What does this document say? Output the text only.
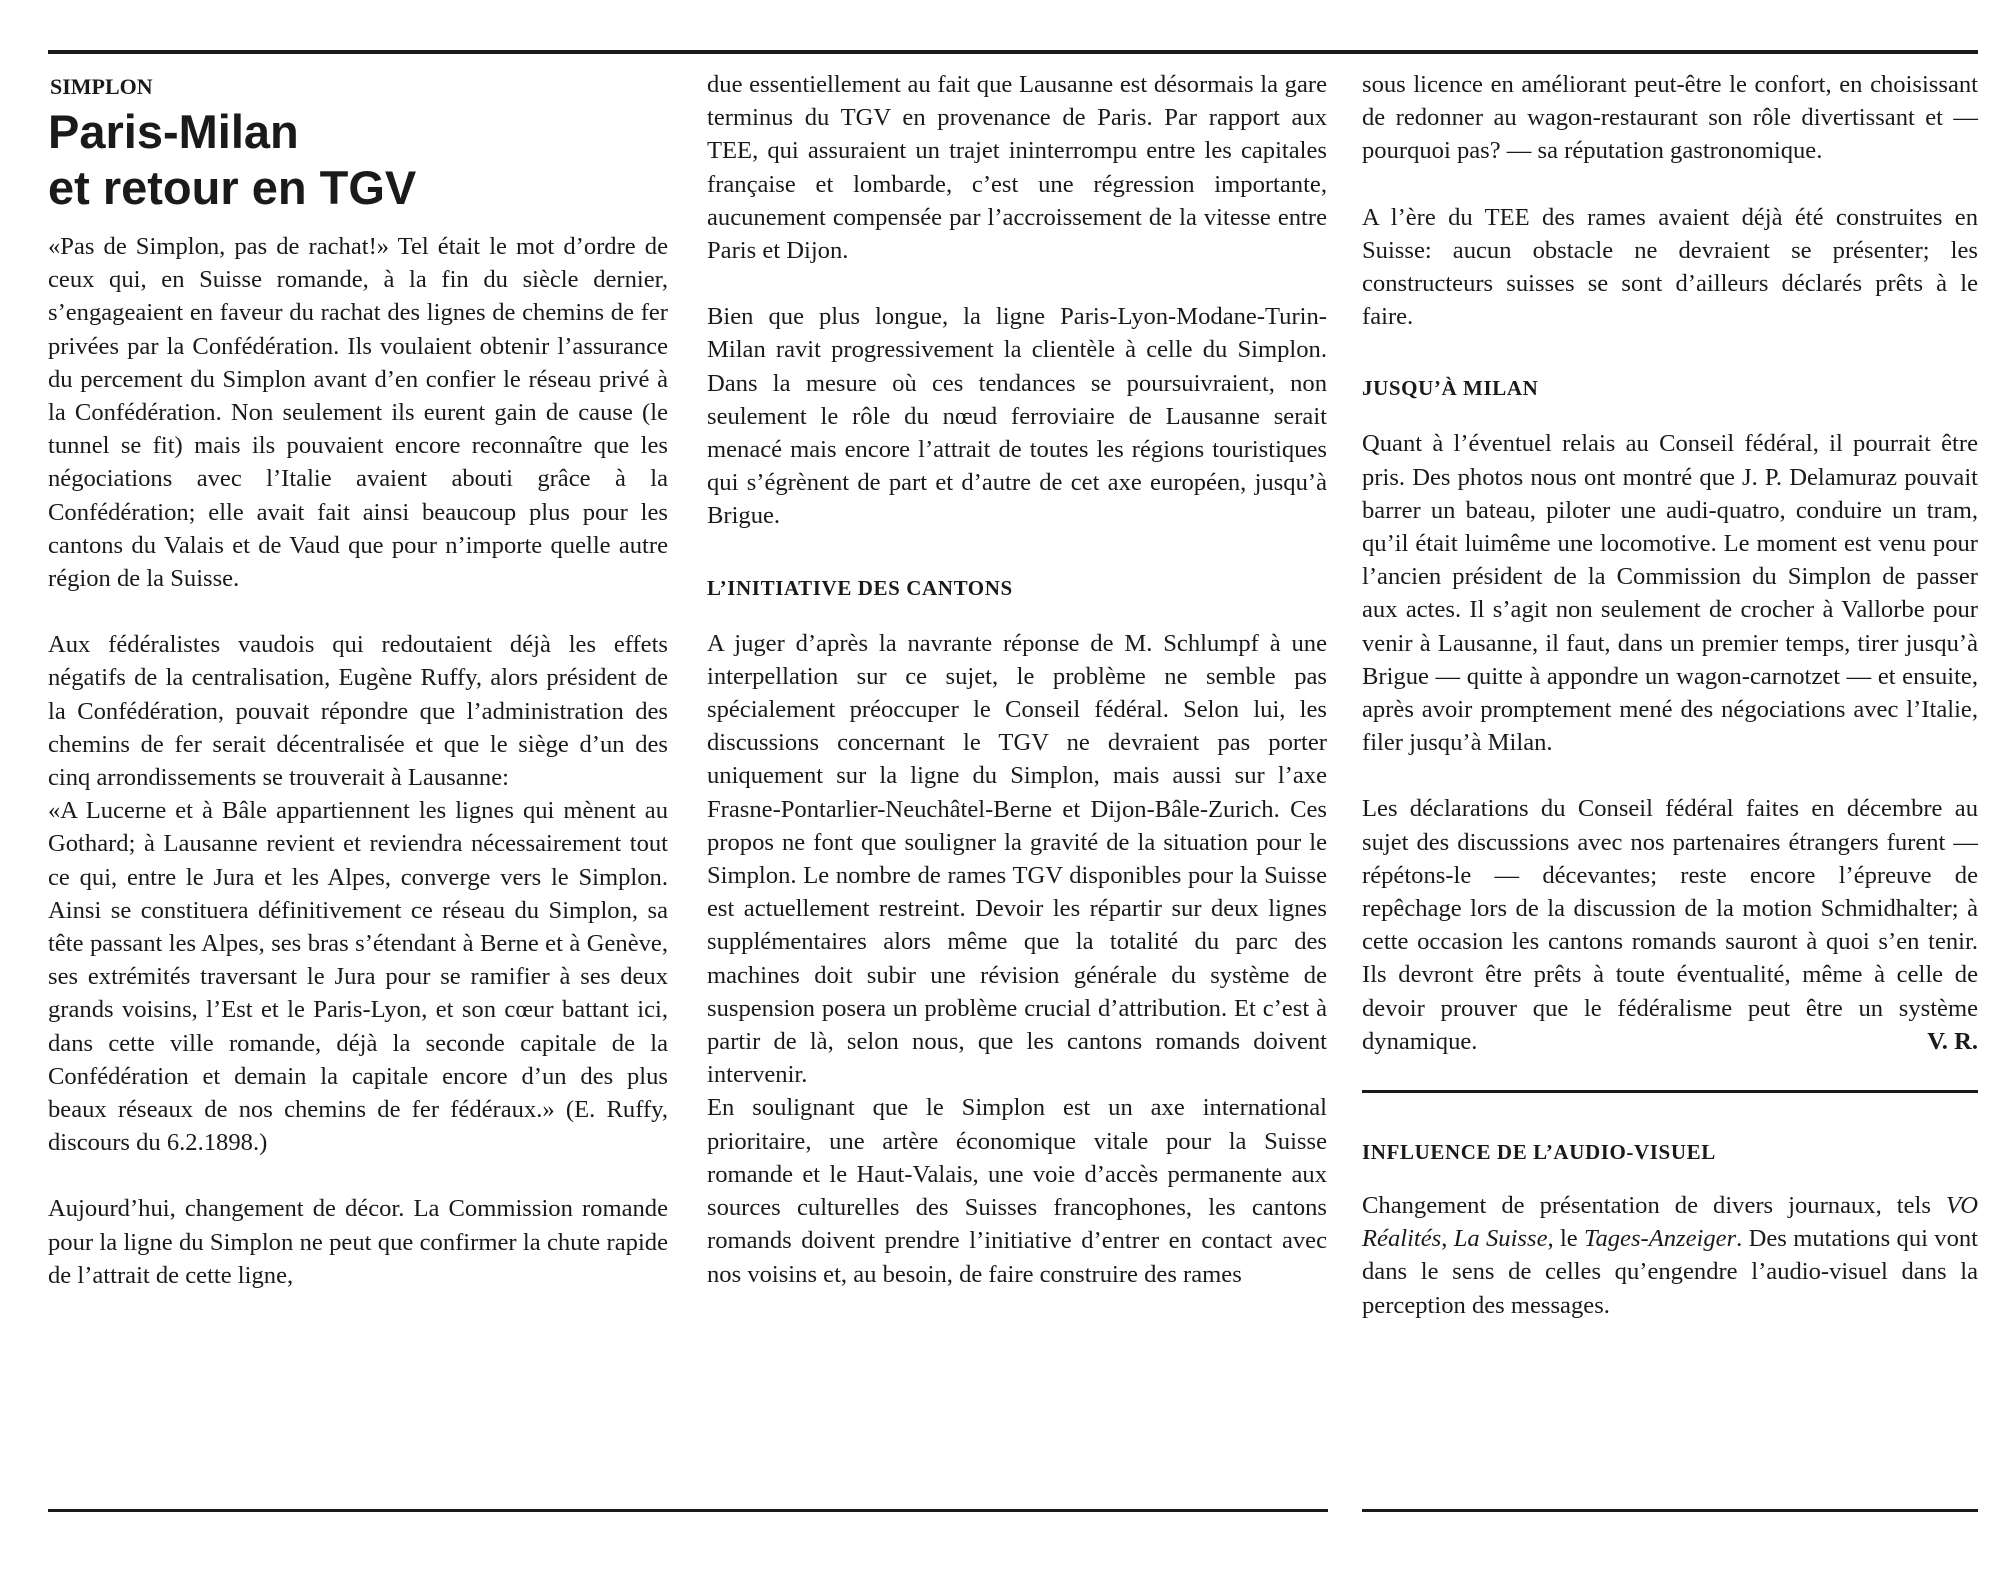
SIMPLON
Paris-Milan
et retour en TGV

«Pas de Simplon, pas de rachat!» Tel était le mot d’ordre de ceux qui, en Suisse romande, à la fin du siècle dernier, s’engageaient en faveur du rachat des lignes de chemins de fer privées par la Confédération. Ils voulaient obtenir l’assurance du percement du Simplon avant d’en confier le réseau privé à la Confédération. Non seulement ils eurent gain de cause (le tunnel se fit) mais ils pouvaient encore reconnaître que les négociations avec l’Italie avaient abouti grâce à la Confédération; elle avait fait ainsi beaucoup plus pour les cantons du Valais et de Vaud que pour n’importe quelle autre région de la Suisse.

Aux fédéralistes vaudois qui redoutaient déjà les effets négatifs de la centralisation, Eugène Ruffy, alors président de la Confédération, pouvait répondre que l’administration des chemins de fer serait décentralisée et que le siège d’un des cinq arrondissements se trouverait à Lausanne:

«A Lucerne et à Bâle appartiennent les lignes qui mènent au Gothard; à Lausanne revient et reviendra nécessairement tout ce qui, entre le Jura et les Alpes, converge vers le Simplon. Ainsi se constituera définitivement ce réseau du Simplon, sa tête passant les Alpes, ses bras s’étendant à Berne et à Genève, ses extrémités traversant le Jura pour se ramifier à ses deux grands voisins, l’Est et le Paris-Lyon, et son cœur battant ici, dans cette ville romande, déjà la seconde capitale de la Confédération et demain la capitale encore d’un des plus beaux réseaux de nos chemins de fer fédéraux.» (E. Ruffy, discours du 6.2.1898.)

Aujourd’hui, changement de décor. La Commission romande pour la ligne du Simplon ne peut que confirmer la chute rapide de l’attrait de cette ligne,

due essentiellement au fait que Lausanne est désormais la gare terminus du TGV en provenance de Paris. Par rapport aux TEE, qui assuraient un trajet ininterrompu entre les capitales française et lombarde, c’est une régression importante, aucunement compensée par l’accroissement de la vitesse entre Paris et Dijon.

Bien que plus longue, la ligne Paris-Lyon-Modane-Turin-Milan ravit progressivement la clientèle à celle du Simplon. Dans la mesure où ces tendances se poursuivraient, non seulement le rôle du nœud ferroviaire de Lausanne serait menacé mais encore l’attrait de toutes les régions touristiques qui s’égrènent de part et d’autre de cet axe européen, jusqu’à Brigue.

L’INITIATIVE DES CANTONS

A juger d’après la navrante réponse de M. Schlumpf à une interpellation sur ce sujet, le problème ne semble pas spécialement préoccuper le Conseil fédéral. Selon lui, les discussions concernant le TGV ne devraient pas porter uniquement sur la ligne du Simplon, mais aussi sur l’axe Frasne-Pontarlier-Neuchâtel-Berne et Dijon-Bâle-Zurich. Ces propos ne font que souligner la gravité de la situation pour le Simplon. Le nombre de rames TGV disponibles pour la Suisse est actuellement restreint. Devoir les répartir sur deux lignes supplémentaires alors même que la totalité du parc des machines doit subir une révision générale du système de suspension posera un problème crucial d’attribution. Et c’est à partir de là, selon nous, que les cantons romands doivent intervenir.

En soulignant que le Simplon est un axe international prioritaire, une artère économique vitale pour la Suisse romande et le Haut-Valais, une voie d’accès permanente aux sources culturelles des Suisses francophones, les cantons romands doivent prendre l’initiative d’entrer en contact avec nos voisins et, au besoin, de faire construire des rames

sous licence en améliorant peut-être le confort, en choisissant de redonner au wagon-restaurant son rôle divertissant et — pourquoi pas? — sa réputation gastronomique.

A l’ère du TEE des rames avaient déjà été construites en Suisse: aucun obstacle ne devraient se présenter; les constructeurs suisses se sont d’ailleurs déclarés prêts à le faire.

JUSQU’À MILAN

Quant à l’éventuel relais au Conseil fédéral, il pourrait être pris. Des photos nous ont montré que J. P. Delamuraz pouvait barrer un bateau, piloter une audi-quatro, conduire un tram, qu’il était luimême une locomotive. Le moment est venu pour l’ancien président de la Commission du Simplon de passer aux actes. Il s’agit non seulement de crocher à Vallorbe pour venir à Lausanne, il faut, dans un premier temps, tirer jusqu’à Brigue — quitte à appondre un wagon-carnotzet — et ensuite, après avoir promptement mené des négociations avec l’Italie, filer jusqu’à Milan.

Les déclarations du Conseil fédéral faites en décembre au sujet des discussions avec nos partenaires étrangers furent — répétons-le — décevantes; reste encore l’épreuve de repêchage lors de la discussion de la motion Schmidhalter; à cette occasion les cantons romands sauront à quoi s’en tenir. Ils devront être prêts à toute éventualité, même à celle de devoir prouver que le fédéralisme peut être un système dynamique.	V. R.

INFLUENCE DE L’AUDIO-VISUEL

Changement de présentation de divers journaux, tels VO Réalités, La Suisse, le Tages-Anzeiger. Des mutations qui vont dans le sens de celles qu’engendre l’audio-visuel dans la perception des messages.
